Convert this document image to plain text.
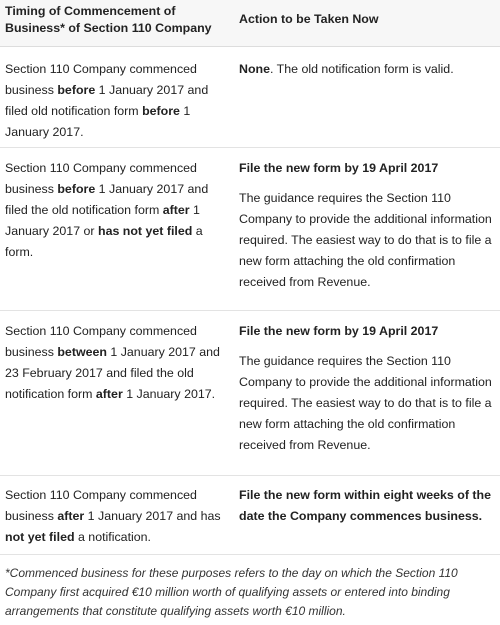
Timing of Commencement of Business* of Section 110 Company
Action to be Taken Now
Section 110 Company commenced business before 1 January 2017 and filed old notification form before 1 January 2017.
None. The old notification form is valid.
Section 110 Company commenced business before 1 January 2017 and filed the old notification form after 1 January 2017 or has not yet filed a form.

File the new form by 19 April 2017

The guidance requires the Section 110 Company to provide the additional information required. The easiest way to do that is to file a new form attaching the old confirmation received from Revenue.

Section 110 Company commenced business between 1 January 2017 and 23 February 2017 and filed the old notification form after 1 January 2017.

File the new form by 19 April 2017

The guidance requires the Section 110 Company to provide the additional information required. The easiest way to do that is to file a new form attaching the old confirmation received from Revenue.

Section 110 Company commenced business after 1 January 2017 and has not yet filed a notification.
File the new form within eight weeks of the date the Company commences business.
*Commenced business for these purposes refers to the day on which the Section 110 Company first acquired €10 million worth of qualifying assets or entered into binding arrangements that constitute qualifying assets worth €10 million.
